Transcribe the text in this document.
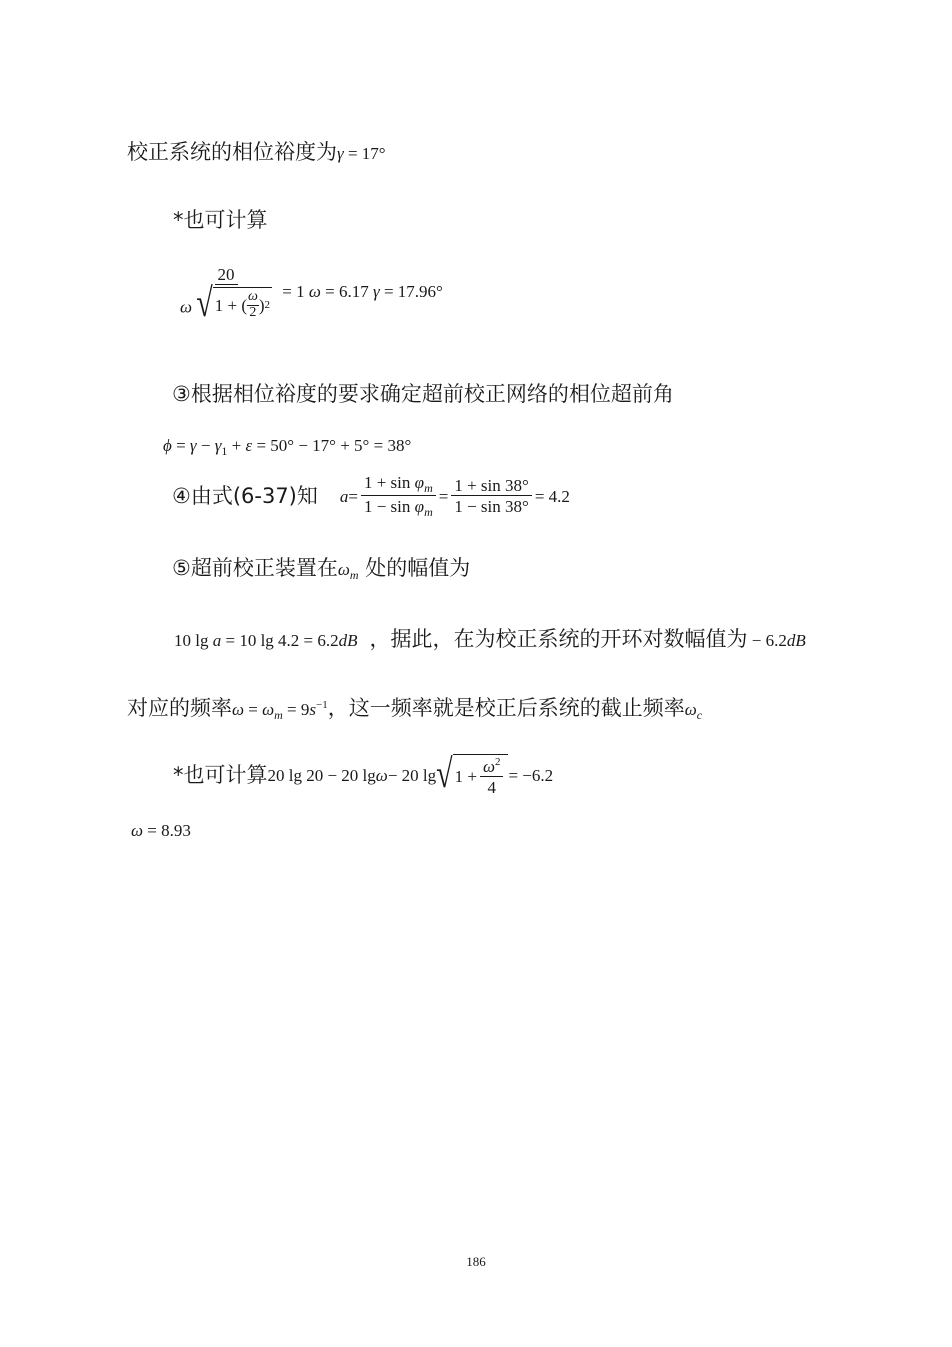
校正系统的相位裕度为γ = 17°
*也可计算
$\frac{20}{\omega √ 1 + ( \frac{\omega}{2} ) 2} = 1$ ω = 6.17 γ = 17.96°
③根据相位裕度的要求确定超前校正网络的相位超前角
$\phi = \gamma - \gamma_1 + \varepsilon = 50^\circ - 17^\circ + 5^\circ = 38^\circ$
④由式(6-37)知 $a = \frac{1 + \sin \varphi_m}{1 - \sin \varphi_m} = \frac{1 + \sin 38^\circ}{1 - \sin 38^\circ} = 4.2$
⑤超前校正装置在$\omega_m$ 处的幅值为
10 lg a = 10 lg 4.2 = 6.2dB ，据此，在为校正系统的开环对数幅值为 − 6.2dB
对应的频率$\omega = \omega_m = 9s^{-1}$，这一频率就是校正后系统的截止频率$\omega_c$
*也可计算 20 lg 20 − 20 lg ω − 20 lg √ $1 + \frac{\omega^2}{4} = -6.2$
ω = 8.93
186
